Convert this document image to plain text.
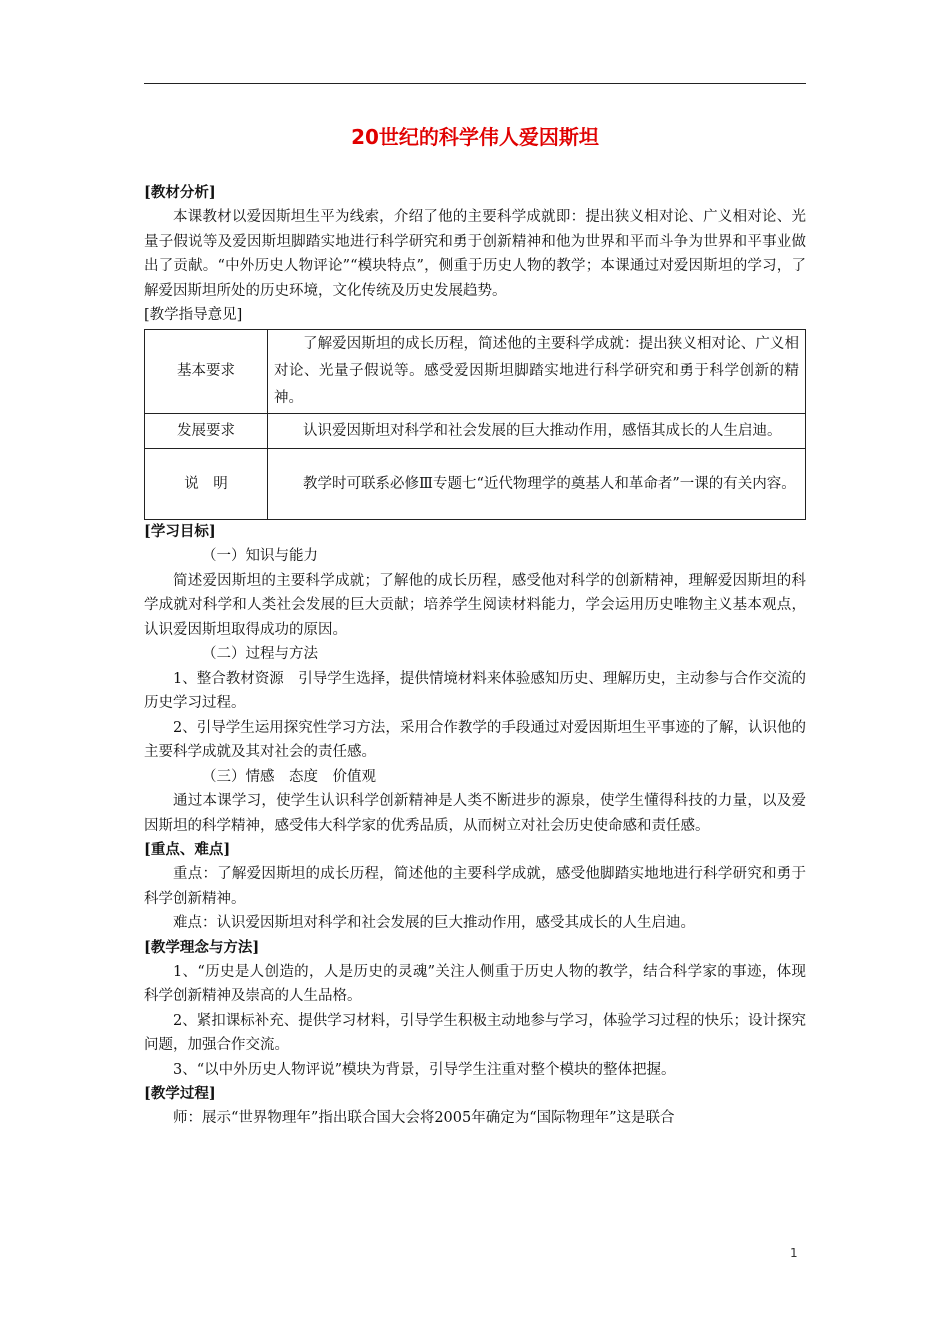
20世纪的科学伟人爱因斯坦

[教材分析]

本课教材以爱因斯坦生平为线索，介绍了他的主要科学成就即：提出狭义相对论、广义相对论、光量子假说等及爱因斯坦脚踏实地进行科学研究和勇于创新精神和他为世界和平而斗争为世界和平事业做出了贡献。“中外历史人物评论”“模块特点”，侧重于历史人物的教学；本课通过对爱因斯坦的学习，了解爱因斯坦所处的历史环境，文化传统及历史发展趋势。

[教学指导意见]

基本要求	了解爱因斯坦的成长历程，简述他的主要科学成就：提出狭义相对论、广义相对论、光量子假说等。感受爱因斯坦脚踏实地进行科学研究和勇于科学创新的精神。
发展要求	认识爱因斯坦对科学和社会发展的巨大推动作用，感悟其成长的人生启迪。
说　明	教学时可联系必修Ⅲ专题七“近代物理学的奠基人和革命者”一课的有关内容。

[学习目标]

（一）知识与能力

简述爱因斯坦的主要科学成就；了解他的成长历程，感受他对科学的创新精神，理解爱因斯坦的科学成就对科学和人类社会发展的巨大贡献；培养学生阅读材料能力，学会运用历史唯物主义基本观点，认识爱因斯坦取得成功的原因。

（二）过程与方法

1、整合教材资源　引导学生选择，提供情境材料来体验感知历史、理解历史，主动参与合作交流的历史学习过程。

2、引导学生运用探究性学习方法，采用合作教学的手段通过对爱因斯坦生平事迹的了解，认识他的主要科学成就及其对社会的责任感。

（三）情感　态度　价值观

通过本课学习，使学生认识科学创新精神是人类不断进步的源泉，使学生懂得科技的力量，以及爱因斯坦的科学精神，感受伟大科学家的优秀品质，从而树立对社会历史使命感和责任感。

[重点、难点]

重点：了解爱因斯坦的成长历程，简述他的主要科学成就，感受他脚踏实地地进行科学研究和勇于科学创新精神。

难点：认识爱因斯坦对科学和社会发展的巨大推动作用，感受其成长的人生启迪。

[教学理念与方法]

1、“历史是人创造的，人是历史的灵魂”关注人侧重于历史人物的教学，结合科学家的事迹，体现科学创新精神及崇高的人生品格。

2、紧扣课标补充、提供学习材料，引导学生积极主动地参与学习，体验学习过程的快乐；设计探究问题，加强合作交流。

3、“以中外历史人物评说”模块为背景，引导学生注重对整个模块的整体把握。

[教学过程]

师：展示“世界物理年”指出联合国大会将2005年确定为“国际物理年”这是联合

1
